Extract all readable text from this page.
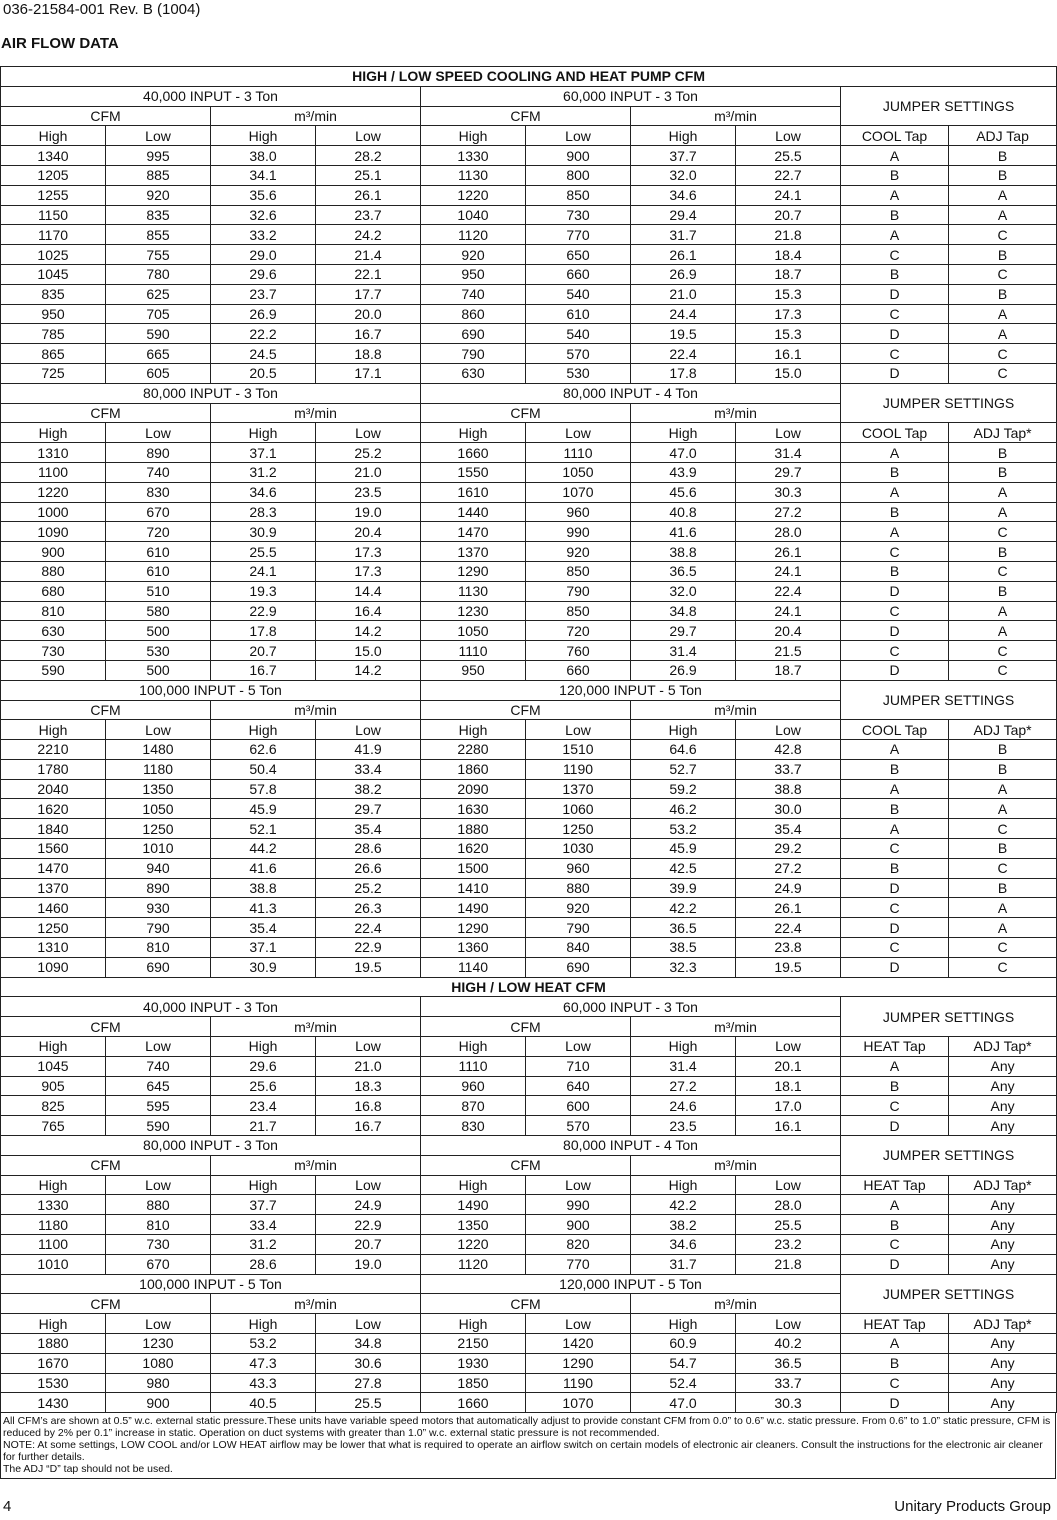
036-21584-001 Rev. B (1004)
AIR FLOW DATA
HIGH / LOW SPEED COOLING AND HEAT PUMP CFM									
40,000 INPUT - 3 Ton				60,000 INPUT - 3 Ton				JUMPER SETTINGS	
CFM		m³/min		CFM		m³/min			
High	Low	High	Low	High	Low	High	Low	COOL Tap	ADJ Tap
1340	995	38.0	28.2	1330	900	37.7	25.5	A	B
1205	885	34.1	25.1	1130	800	32.0	22.7	B	B
1255	920	35.6	26.1	1220	850	34.6	24.1	A	A
1150	835	32.6	23.7	1040	730	29.4	20.7	B	A
1170	855	33.2	24.2	1120	770	31.7	21.8	A	C
1025	755	29.0	21.4	920	650	26.1	18.4	C	B
1045	780	29.6	22.1	950	660	26.9	18.7	B	C
835	625	23.7	17.7	740	540	21.0	15.3	D	B
950	705	26.9	20.0	860	610	24.4	17.3	C	A
785	590	22.2	16.7	690	540	19.5	15.3	D	A
865	665	24.5	18.8	790	570	22.4	16.1	C	C
725	605	20.5	17.1	630	530	17.8	15.0	D	C
80,000 INPUT - 3 Ton				80,000 INPUT - 4 Ton				JUMPER SETTINGS	
CFM		m³/min		CFM		m³/min			
High	Low	High	Low	High	Low	High	Low	COOL Tap	ADJ Tap*
1310	890	37.1	25.2	1660	1110	47.0	31.4	A	B
1100	740	31.2	21.0	1550	1050	43.9	29.7	B	B
1220	830	34.6	23.5	1610	1070	45.6	30.3	A	A
1000	670	28.3	19.0	1440	960	40.8	27.2	B	A
1090	720	30.9	20.4	1470	990	41.6	28.0	A	C
900	610	25.5	17.3	1370	920	38.8	26.1	C	B
880	610	24.1	17.3	1290	850	36.5	24.1	B	C
680	510	19.3	14.4	1130	790	32.0	22.4	D	B
810	580	22.9	16.4	1230	850	34.8	24.1	C	A
630	500	17.8	14.2	1050	720	29.7	20.4	D	A
730	530	20.7	15.0	1110	760	31.4	21.5	C	C
590	500	16.7	14.2	950	660	26.9	18.7	D	C
100,000 INPUT - 5 Ton				120,000 INPUT - 5 Ton				JUMPER SETTINGS	
CFM		m³/min		CFM		m³/min			
High	Low	High	Low	High	Low	High	Low	COOL Tap	ADJ Tap*
2210	1480	62.6	41.9	2280	1510	64.6	42.8	A	B
1780	1180	50.4	33.4	1860	1190	52.7	33.7	B	B
2040	1350	57.8	38.2	2090	1370	59.2	38.8	A	A
1620	1050	45.9	29.7	1630	1060	46.2	30.0	B	A
1840	1250	52.1	35.4	1880	1250	53.2	35.4	A	C
1560	1010	44.2	28.6	1620	1030	45.9	29.2	C	B
1470	940	41.6	26.6	1500	960	42.5	27.2	B	C
1370	890	38.8	25.2	1410	880	39.9	24.9	D	B
1460	930	41.3	26.3	1490	920	42.2	26.1	C	A
1250	790	35.4	22.4	1290	790	36.5	22.4	D	A
1310	810	37.1	22.9	1360	840	38.5	23.8	C	C
1090	690	30.9	19.5	1140	690	32.3	19.5	D	C
HIGH / LOW HEAT CFM									
40,000 INPUT - 3 Ton				60,000 INPUT - 3 Ton				JUMPER SETTINGS	
CFM		m³/min		CFM		m³/min			
High	Low	High	Low	High	Low	High	Low	HEAT Tap	ADJ Tap*
1045	740	29.6	21.0	1110	710	31.4	20.1	A	Any
905	645	25.6	18.3	960	640	27.2	18.1	B	Any
825	595	23.4	16.8	870	600	24.6	17.0	C	Any
765	590	21.7	16.7	830	570	23.5	16.1	D	Any
80,000 INPUT - 3 Ton				80,000 INPUT - 4 Ton				JUMPER SETTINGS	
CFM		m³/min		CFM		m³/min			
High	Low	High	Low	High	Low	High	Low	HEAT Tap	ADJ Tap*
1330	880	37.7	24.9	1490	990	42.2	28.0	A	Any
1180	810	33.4	22.9	1350	900	38.2	25.5	B	Any
1100	730	31.2	20.7	1220	820	34.6	23.2	C	Any
1010	670	28.6	19.0	1120	770	31.7	21.8	D	Any
100,000 INPUT - 5 Ton				120,000 INPUT - 5 Ton				JUMPER SETTINGS	
CFM		m³/min		CFM		m³/min			
High	Low	High	Low	High	Low	High	Low	HEAT Tap	ADJ Tap*
1880	1230	53.2	34.8	2150	1420	60.9	40.2	A	Any
1670	1080	47.3	30.6	1930	1290	54.7	36.5	B	Any
1530	980	43.3	27.8	1850	1190	52.4	33.7	C	Any
1430	900	40.5	25.5	1660	1070	47.0	30.3	D	Any
All CFM’s are shown at 0.5” w.c. external static pressure.These units have variable speed motors that automatically adjust to provide constant CFM from 0.0” to 0.6” w.c. static pressure. From 0.6” to 1.0” static pressure, CFM is reduced by 2% per 0.1” increase in static. Operation on duct systems with greater than 1.0” w.c. external static pressure is not recommended.
NOTE: At some settings, LOW COOL and/or LOW HEAT airflow may be lower that what is required to operate an airflow switch on certain models of electronic air cleaners. Consult the instructions for the electronic air cleaner for further details.
The ADJ “D” tap should not be used.
4	Unitary Products Group
